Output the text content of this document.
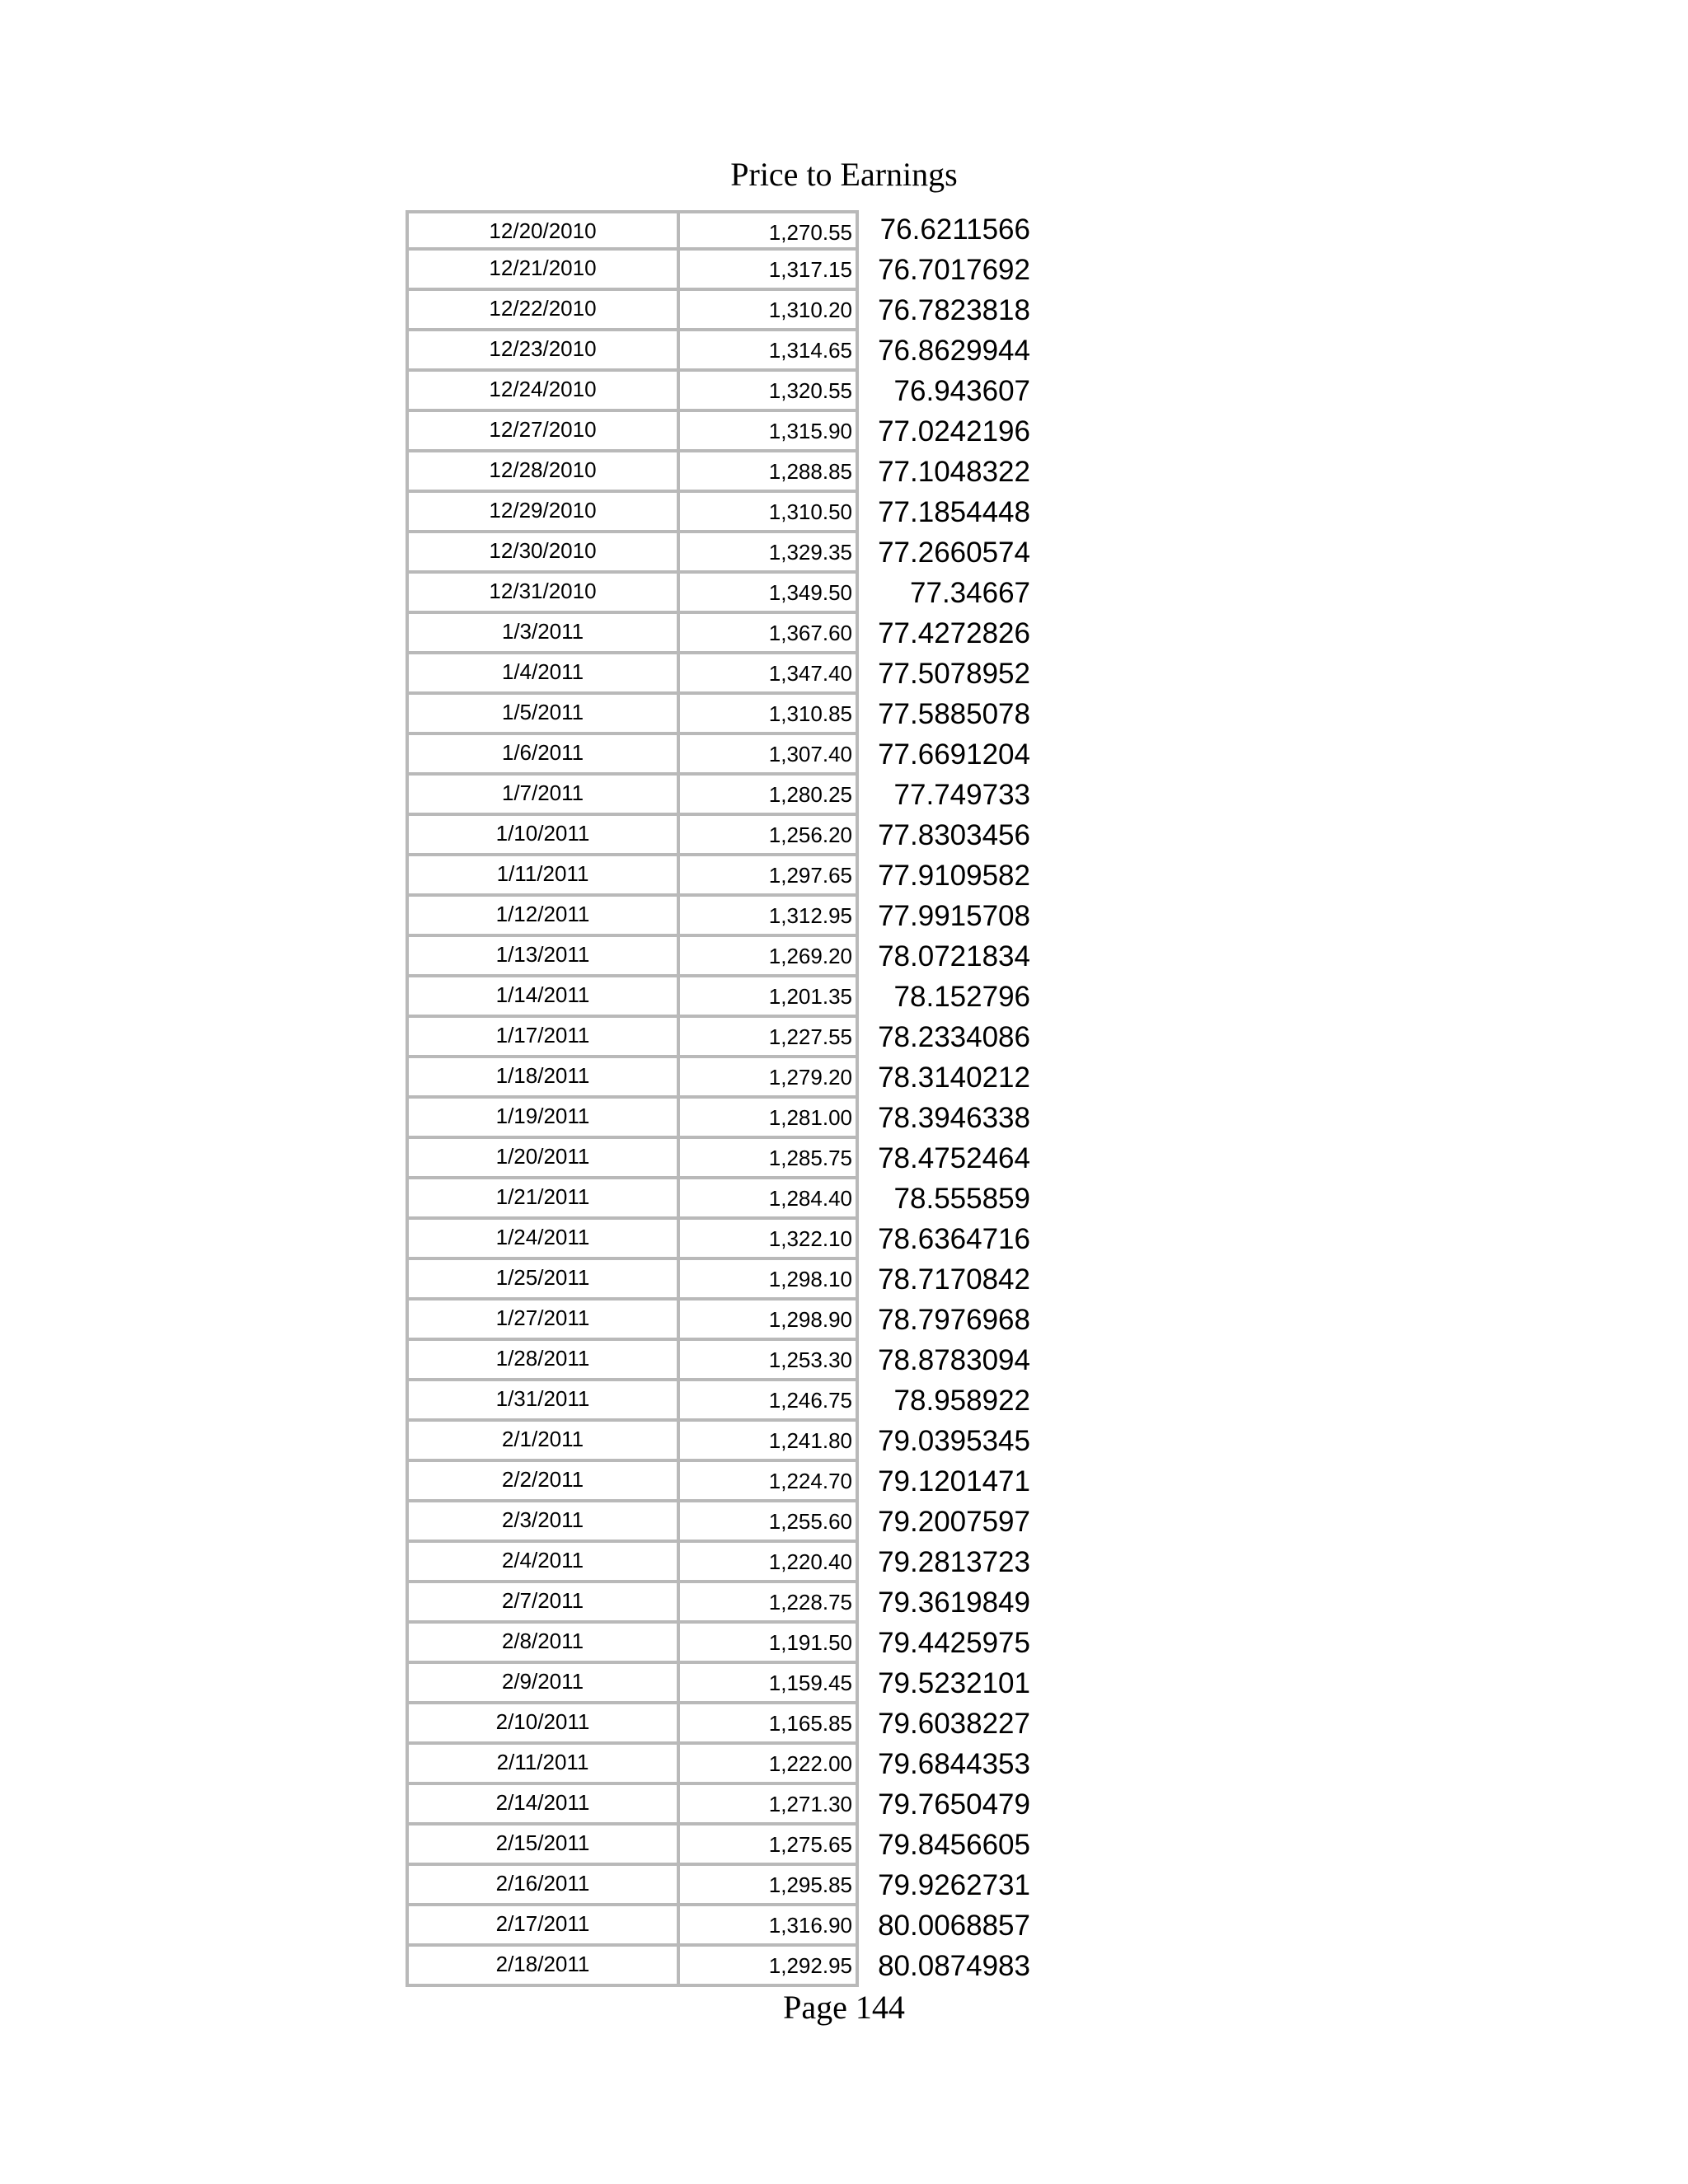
Price to Earnings
12/20/2010	1,270.55 76.6211566
12/21/2010	1,317.15 76.7017692
12/22/2010	1,310.20 76.7823818
12/23/2010	1,314.65 76.8629944
12/24/2010	1,320.55	76.943607
12/27/2010	1,315.90 77.0242196
12/28/2010	1,288.85 77.1048322
12/29/2010	1,310.50 77.1854448
12/30/2010	1,329.35 77.2660574
12/31/2010	1,349.50	77.34667
1/3/2011	1,367.60 77.4272826
1/4/2011	1,347.40 77.5078952
1/5/2011	1,310.85 77.5885078
1/6/2011	1,307.40 77.6691204
1/7/2011	1,280.25	77.749733
1/10/2011	1,256.20 77.8303456
1/11/2011	1,297.65 77.9109582
1/12/2011	1,312.95 77.9915708
1/13/2011	1,269.20 78.0721834
1/14/2011	1,201.35	78.152796
1/17/2011	1,227.55 78.2334086
1/18/2011	1,279.20 78.3140212
1/19/2011	1,281.00 78.3946338
1/20/2011	1,285.75 78.4752464
1/21/2011	1,284.40	78.555859
1/24/2011	1,322.10 78.6364716
1/25/2011	1,298.10 78.7170842
1/27/2011	1,298.90 78.7976968
1/28/2011	1,253.30 78.8783094
1/31/2011	1,246.75	78.958922
2/1/2011	1,241.80 79.0395345
2/2/2011	1,224.70 79.1201471
2/3/2011	1,255.60 79.2007597
2/4/2011	1,220.40 79.2813723
2/7/2011	1,228.75 79.3619849
2/8/2011	1,191.50 79.4425975
2/9/2011	1,159.45 79.5232101
2/10/2011	1,165.85 79.6038227
2/11/2011	1,222.00 79.6844353
2/14/2011	1,271.30 79.7650479
2/15/2011	1,275.65 79.8456605
2/16/2011	1,295.85 79.9262731
2/17/2011	1,316.90 80.0068857
2/18/2011	1,292.95 80.0874983
Page 144
